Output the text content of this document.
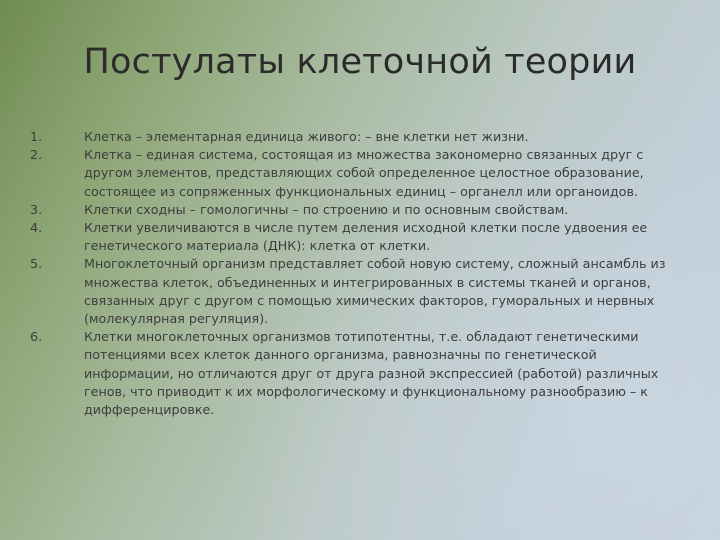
Постулаты клеточной теории
1.	Клетка – элементарная единица живого: – вне клетки нет жизни.
2.	Клетка – единая система, состоящая из множества закономерно связанных друг с другом элементов, представляющих собой определенное целостное образование, состоящее из сопряженных функциональных единиц – органелл или органоидов.
3.	Клетки сходны – гомологичны – по строению и по основным свойствам.
4.	Клетки увеличиваются в числе путем деления исходной клетки после удвоения ее генетического материала (ДНК): клетка от клетки.
5.	Многоклеточный организм представляет собой новую систему, сложный ансамбль из множества клеток, объединенных и интегрированных в системы тканей и органов, связанных друг с другом с помощью химических факторов, гуморальных и нервных (молекулярная регуляция).
6.	Клетки многоклеточных организмов тотипотентны, т.е. обладают генетическими потенциями всех клеток данного организма, равнозначны по генетической информации, но отличаются друг от друга разной экспрессией (работой) различных генов, что приводит к их морфологическому и функциональному разнообразию – к дифференцировке.
